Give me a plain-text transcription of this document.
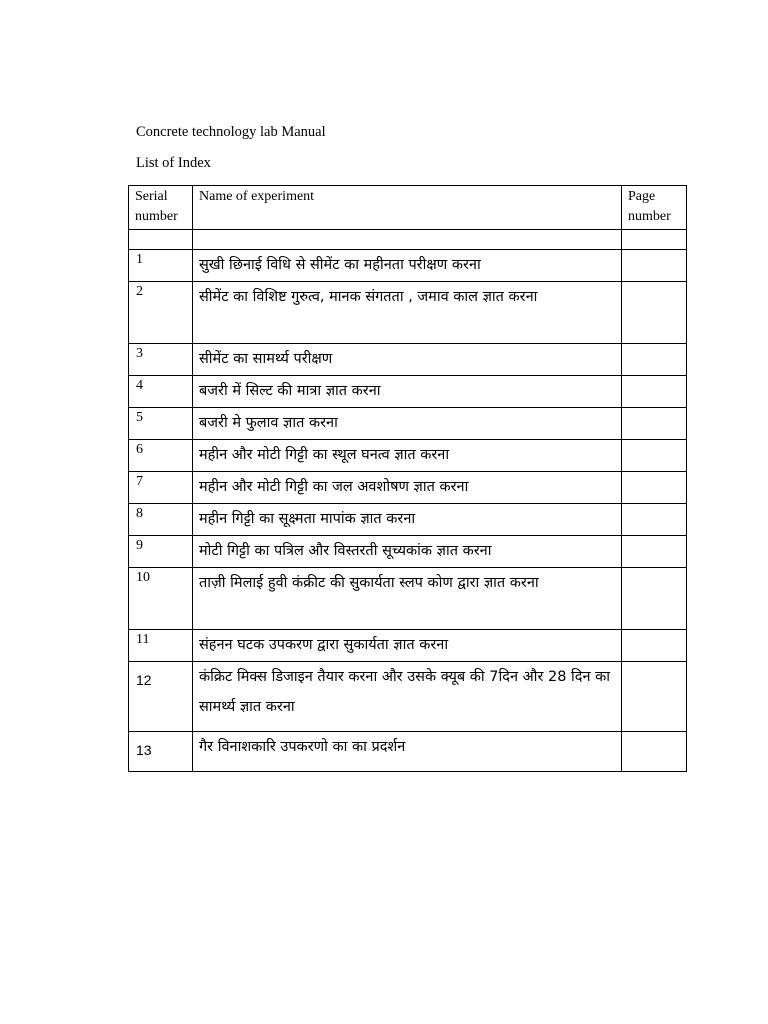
Concrete technology lab Manual
List of Index
Serial number	Name of experiment	Page number

1	सुखी छिनाई विधि से सीमेंट का महीनता परीक्षण करना	
2	सीमेंट का विशिष्ट गुरुत्व, मानक संगतता , जमाव काल ज्ञात करना	
3	सीमेंट का सामर्थ्य परीक्षण	
4	बजरी में सिल्ट की मात्रा ज्ञात करना	
5	बजरी मे फुलाव ज्ञात करना	
6	महीन और मोटी गिट्टी का स्थूल घनत्व ज्ञात करना	
7	महीन और मोटी गिट्टी का जल अवशोषण ज्ञात करना	
8	महीन गिट्टी का सूक्ष्मता मापांक ज्ञात करना	
9	मोटी गिट्टी का पत्रिल और विस्तरती सूच्यकांक ज्ञात करना	
10	ताज़ी मिलाई हुवी कंक्रीट की सुकार्यता स्लप कोण द्वारा ज्ञात करना	
11	संहनन घटक उपकरण द्वारा सुकार्यता ज्ञात करना	
12	कंक्रिट मिक्स डिजाइन तैयार करना और उसके क्यूब की 7दिन और 28 दिन का सामर्थ्य ज्ञात करना	
13	गैर विनाशकारि उपकरणो का का प्रदर्शन	
